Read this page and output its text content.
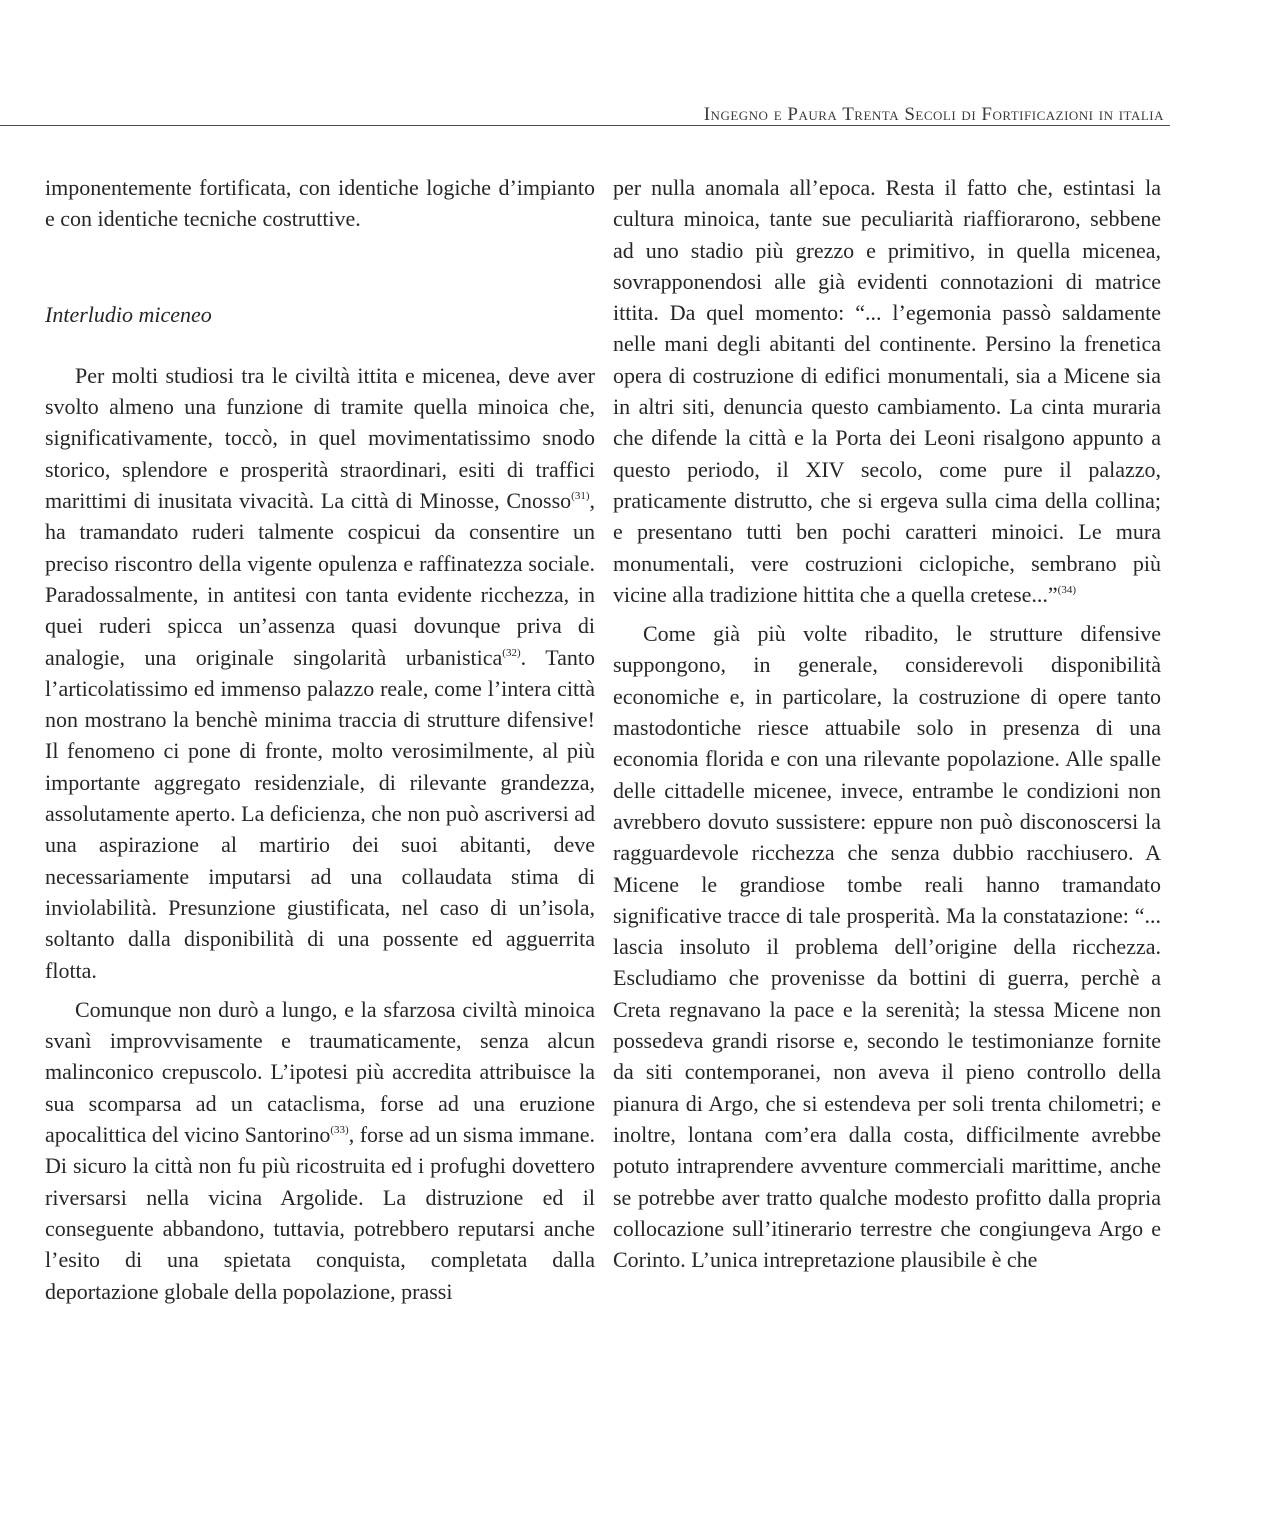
Ingegno e Paura Trenta Secoli di Fortificazioni in italia

imponentemente fortificata, con identiche logiche d’impianto e con identiche tecniche costruttive.

Interludio miceneo

Per molti studiosi tra le civiltà ittita e micenea, deve aver svolto almeno una funzione di tramite quella minoica che, significativamente, toccò, in quel movimentatissimo snodo storico, splendore e prosperità straordinari, esiti di traffici marittimi di inusitata vivacità. La città di Minosse, Cnosso$^{(31)}$, ha tramandato ruderi talmente cospicui da consentire un preciso riscontro della vigente opulenza e raffinatezza sociale. Paradossalmente, in antitesi con tanta evidente ricchezza, in quei ruderi spicca un’assenza quasi dovunque priva di analogie, una originale singolarità urbanistica$^{(32)}$. Tanto l’articolatissimo ed immenso palazzo reale, come l’intera città non mostrano la benchè minima traccia di strutture difensive! Il fenomeno ci pone di fronte, molto verosimilmente, al più importante aggregato residenziale, di rilevante grandezza, assolutamente aperto. La deficienza, che non può ascriversi ad una aspirazione al martirio dei suoi abitanti, deve necessariamente imputarsi ad una collaudata stima di inviolabilità. Presunzione giustificata, nel caso di un’isola, soltanto dalla disponibilità di una possente ed agguerrita flotta.

Comunque non durò a lungo, e la sfarzosa civiltà minoica svanì improvvisamente e traumaticamente, senza alcun malinconico crepuscolo. L’ipotesi più accredita attribuisce la sua scomparsa ad un cataclisma, forse ad una eruzione apocalittica del vicino Santorino$^{(33)}$, forse ad un sisma immane. Di sicuro la città non fu più ricostruita ed i profughi dovettero riversarsi nella vicina Argolide. La distruzione ed il conseguente abbandono, tuttavia, potrebbero reputarsi anche l’esito di una spietata conquista, completata dalla deportazione globale della popolazione, prassi

per nulla anomala all’epoca. Resta il fatto che, estintasi la cultura minoica, tante sue peculiarità riaffiorarono, sebbene ad uno stadio più grezzo e primitivo, in quella micenea, sovrapponendosi alle già evidenti connotazioni di matrice ittita. Da quel momento: “... l’egemonia passò saldamente nelle mani degli abitanti del continente. Persino la frenetica opera di costruzione di edifici monumentali, sia a Micene sia in altri siti, denuncia questo cambiamento. La cinta muraria che difende la città e la Porta dei Leoni risalgono appunto a questo periodo, il XIV secolo, come pure il palazzo, praticamente distrutto, che si ergeva sulla cima della collina; e presentano tutti ben pochi caratteri minoici. Le mura monumentali, vere costruzioni ciclopiche, sembrano più vicine alla tradizione hittita che a quella cretese...”$^{(34)}$

Come già più volte ribadito, le strutture difensive suppongono, in generale, considerevoli disponibilità economiche e, in particolare, la costruzione di opere tanto mastodontiche riesce attuabile solo in presenza di una economia florida e con una rilevante popolazione. Alle spalle delle cittadelle micenee, invece, entrambe le condizioni non avrebbero dovuto sussistere: eppure non può disconoscersi la ragguardevole ricchezza che senza dubbio racchiusero. A Micene le grandiose tombe reali hanno tramandato significative tracce di tale prosperità. Ma la constatazione: “... lascia insoluto il problema dell’origine della ricchezza. Escludiamo che provenisse da bottini di guerra, perchè a Creta regnavano la pace e la serenità; la stessa Micene non possedeva grandi risorse e, secondo le testimonianze fornite da siti contemporanei, non aveva il pieno controllo della pianura di Argo, che si estendeva per soli trenta chilometri; e inoltre, lontana com’era dalla costa, difficilmente avrebbe potuto intraprendere avventure commerciali marittime, anche se potrebbe aver tratto qualche modesto profitto dalla propria collocazione sull’itinerario terrestre che congiungeva Argo e Corinto. L’unica intrepretazione plausibile è che
